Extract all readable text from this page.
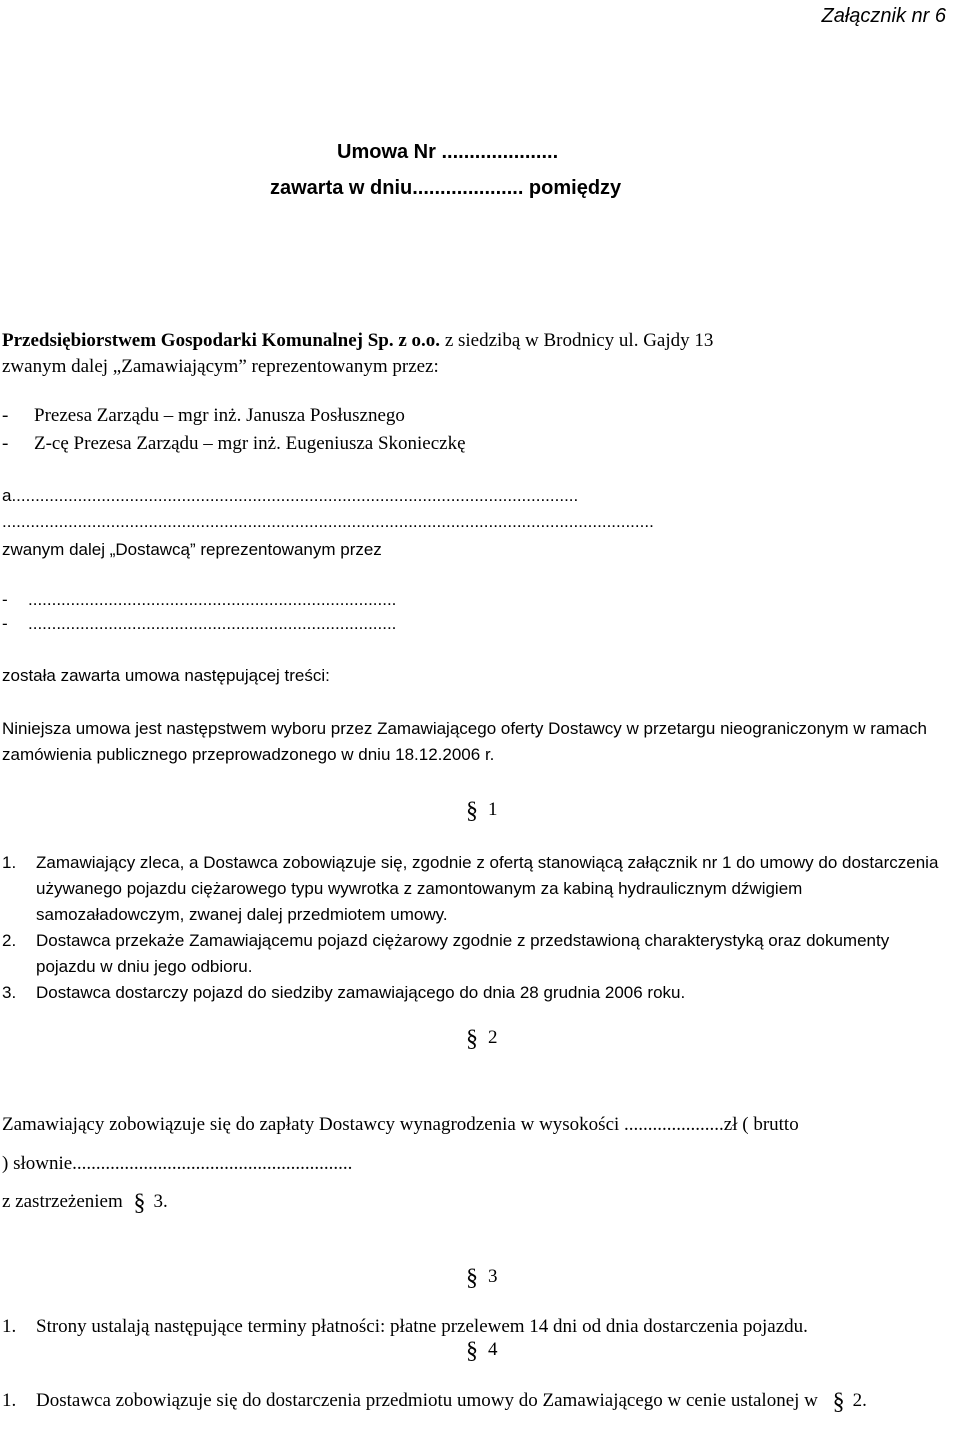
Załącznik nr 6
Umowa Nr .....................
zawarta w dniu.................... pomiędzy
Przedsiębiorstwem Gospodarki Komunalnej Sp. z o.o. z siedzibą w Brodnicy ul. Gajdy 13
zwanym dalej „Zamawiającym” reprezentowanym przez:
- Prezesa Zarządu – mgr inż. Janusza Posłusznego
- Z-cę Prezesa Zarządu – mgr inż. Eugeniusza Skonieczkę
a........................................................................................................................
..........................................................................................................................................
zwanym dalej „Dostawcą” reprezentowanym przez
- ..............................................................................
- ..............................................................................
została zawarta umowa następującej treści:
Niniejsza umowa jest następstwem wyboru przez Zamawiającego oferty Dostawcy w przetargu nieograniczonym w ramach zamówienia publicznego przeprowadzonego w dniu 18.12.2006 r.
§ 1
1. Zamawiający zleca, a Dostawca zobowiązuje się, zgodnie z ofertą stanowiącą załącznik nr 1 do umowy do dostarczenia używanego pojazdu ciężarowego typu wywrotka z zamontowanym za kabiną hydraulicznym dźwigiem samozaładowczym, zwanej dalej przedmiotem umowy.
2. Dostawca przekaże Zamawiającemu pojazd ciężarowy zgodnie z przedstawioną charakterystyką oraz dokumenty pojazdu w dniu jego odbioru.
3. Dostawca dostarczy pojazd do siedziby zamawiającego do dnia 28 grudnia 2006 roku.
§ 2
Zamawiający zobowiązuje się do zapłaty Dostawcy wynagrodzenia w wysokości .....................zł ( brutto
) słownie...........................................................
z zastrzeżeniem § 3.
§ 3
1. Strony ustalają następujące terminy płatności: płatne przelewem 14 dni od dnia dostarczenia pojazdu.
§ 4
1. Dostawca zobowiązuje się do dostarczenia przedmiotu umowy do Zamawiającego w cenie ustalonej w § 2.
